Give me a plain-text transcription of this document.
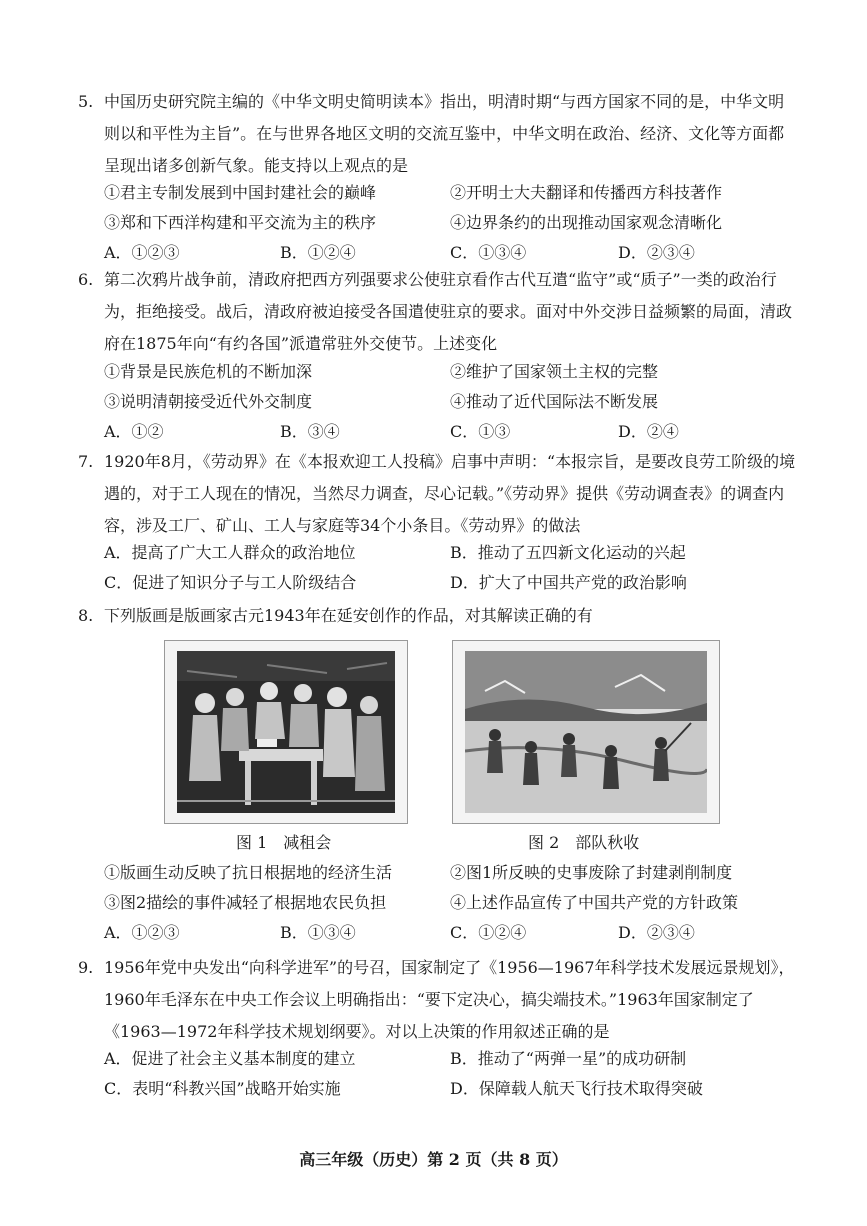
5. 中国历史研究院主编的《中华文明史简明读本》指出，明清时期“与西方国家不同的是，中华文明则以和平性为主旨”。在与世界各地区文明的交流互鉴中，中华文明在政治、经济、文化等方面都呈现出诸多创新气象。能支持以上观点的是
①君主专制发展到中国封建社会的巅峰	②开明士大夫翻译和传播西方科技著作
③郑和下西洋构建和平交流为主的秩序	④边界条约的出现推动国家观念清晰化
A．①②③	B．①②④	C．①③④	D．②③④
6. 第二次鸦片战争前，清政府把西方列强要求公使驻京看作古代互遣“监守”或“质子”一类的政治行为，拒绝接受。战后，清政府被迫接受各国遣使驻京的要求。面对中外交涉日益频繁的局面，清政府在1875年向“有约各国”派遣常驻外交使节。上述变化
①背景是民族危机的不断加深	②维护了国家领土主权的完整
③说明清朝接受近代外交制度	④推动了近代国际法不断发展
A．①②	B．③④	C．①③	D．②④
7. 1920年8月，《劳动界》在《本报欢迎工人投稿》启事中声明：“本报宗旨，是要改良劳工阶级的境遇的，对于工人现在的情况，当然尽力调查，尽心记载。”《劳动界》提供《劳动调查表》的调查内容，涉及工厂、矿山、工人与家庭等34个小条目。《劳动界》的做法
A．提高了广大工人群众的政治地位	B．推动了五四新文化运动的兴起
C．促进了知识分子与工人阶级结合	D．扩大了中国共产党的政治影响
8. 下列版画是版画家古元1943年在延安创作的作品，对其解读正确的有
图 1　减租会	图 2　部队秋收
①版画生动反映了抗日根据地的经济生活	②图1所反映的史事废除了封建剥削制度
③图2描绘的事件减轻了根据地农民负担	④上述作品宣传了中国共产党的方针政策
A．①②③	B．①③④	C．①②④	D．②③④
9. 1956年党中央发出“向科学进军”的号召，国家制定了《1956—1967年科学技术发展远景规划》，1960年毛泽东在中央工作会议上明确指出：“要下定决心，搞尖端技术。”1963年国家制定了《1963—1972年科学技术规划纲要》。对以上决策的作用叙述正确的是
A．促进了社会主义基本制度的建立	B．推动了“两弹一星”的成功研制
C．表明“科教兴国”战略开始实施	D．保障载人航天飞行技术取得突破
高三年级（历史）第 2 页（共 8 页）
